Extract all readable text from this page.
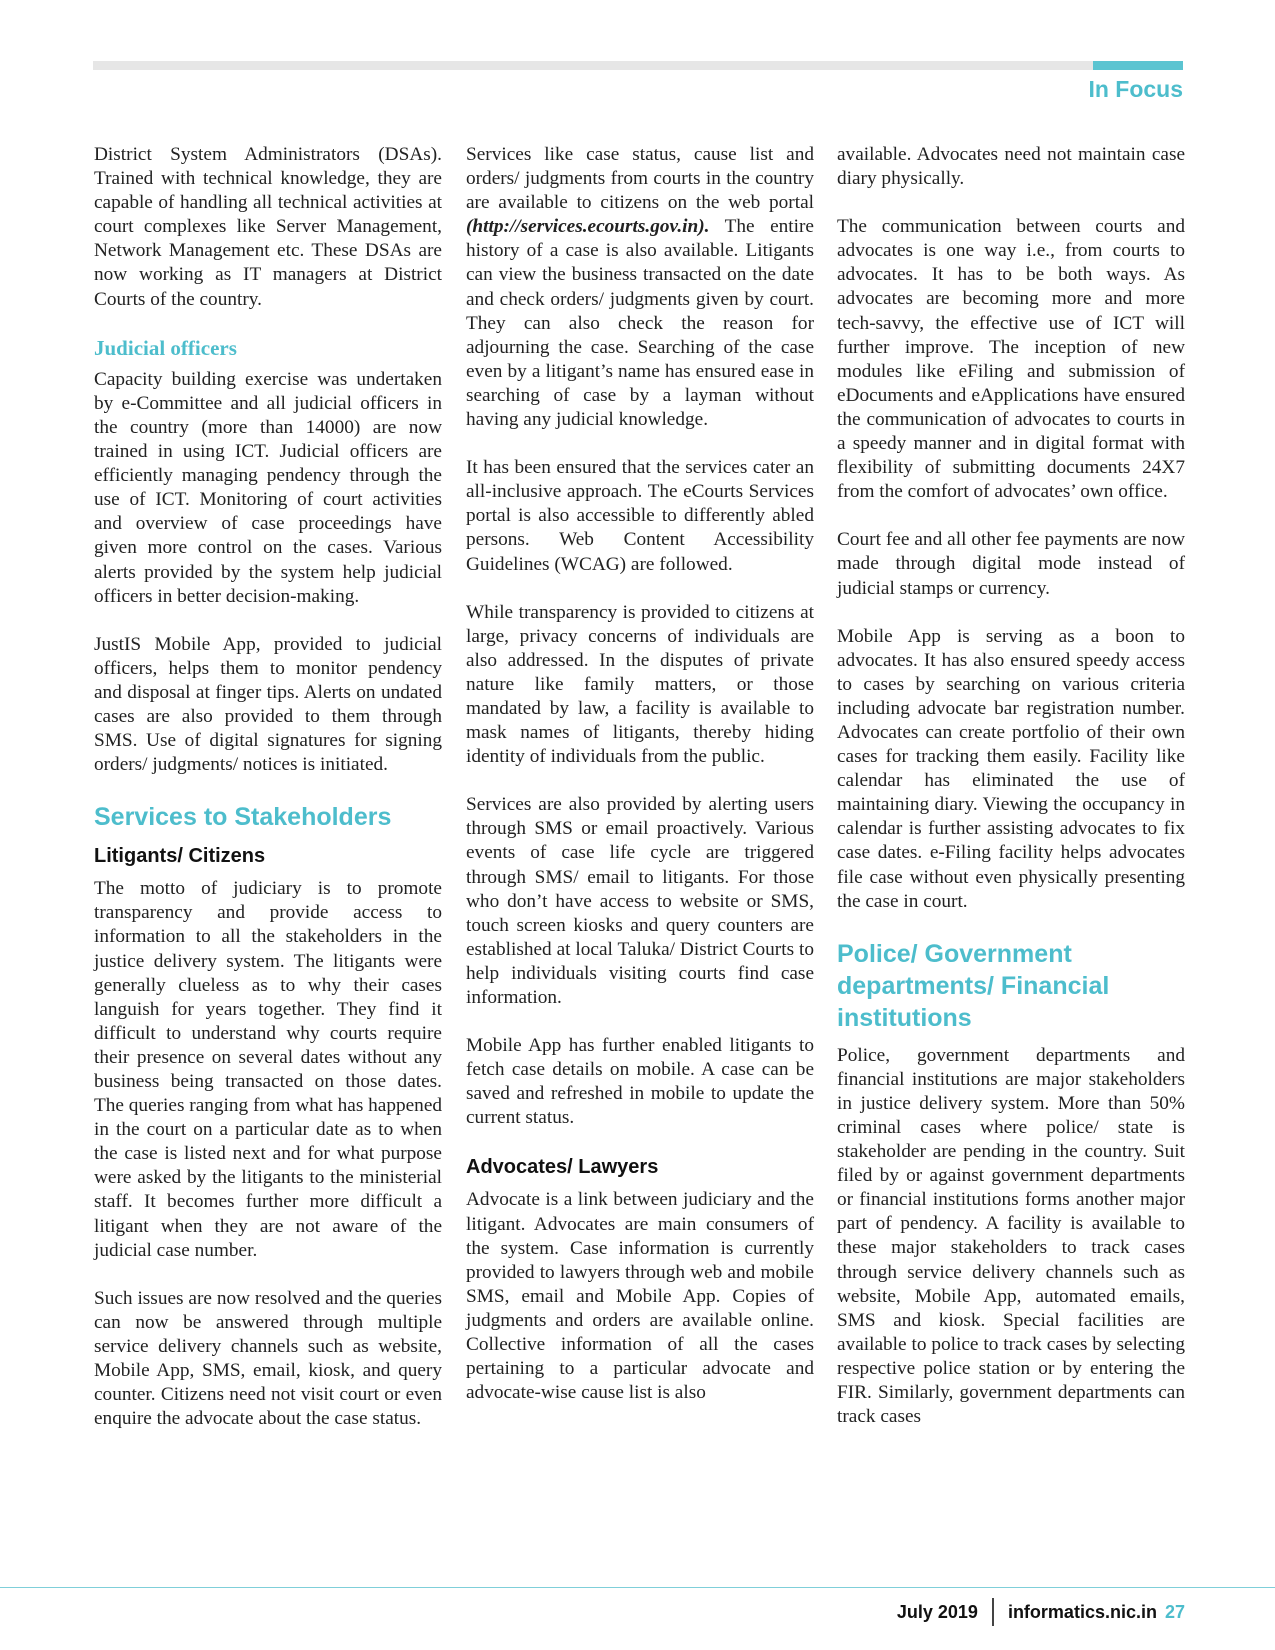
In Focus

District System Administrators (DSAs). Trained with technical knowledge, they are capable of handling all technical activities at court complexes like Server Management, Network Management etc. These DSAs are now working as IT managers at District Courts of the country.

Judicial officers

Capacity building exercise was undertaken by e-Committee and all judicial officers in the country (more than 14000) are now trained in using ICT. Judicial officers are efficiently managing pendency through the use of ICT. Monitoring of court activities and overview of case proceedings have given more control on the cases. Various alerts provided by the system help judicial officers in better decision-making.

JustIS Mobile App, provided to judicial officers, helps them to monitor pendency and disposal at finger tips. Alerts on undated cases are also provided to them through SMS. Use of digital signatures for signing orders/ judgments/ notices is initiated.

Services to Stakeholders
Litigants/ Citizens

The motto of judiciary is to promote transparency and provide access to information to all the stakeholders in the justice delivery system. The litigants were generally clueless as to why their cases languish for years together. They find it difficult to understand why courts require their presence on several dates without any business being transacted on those dates. The queries ranging from what has happened in the court on a particular date as to when the case is listed next and for what purpose were asked by the litigants to the ministerial staff. It becomes further more difficult a litigant when they are not aware of the judicial case number.

Such issues are now resolved and the queries can now be answered through multiple service delivery channels such as website, Mobile App, SMS, email, kiosk, and query counter. Citizens need not visit court or even enquire the advocate about the case status.

Services like case status, cause list and orders/ judgments from courts in the country are available to citizens on the web portal (http://services.ecourts.gov.in). The entire history of a case is also available. Litigants can view the business transacted on the date and check orders/ judgments given by court. They can also check the reason for adjourning the case. Searching of the case even by a litigant’s name has ensured ease in searching of case by a layman without having any judicial knowledge.

It has been ensured that the services cater an all-inclusive approach. The eCourts Services portal is also accessible to differently abled persons. Web Content Accessibility Guidelines (WCAG) are followed.

While transparency is provided to citizens at large, privacy concerns of individuals are also addressed. In the disputes of private nature like family matters, or those mandated by law, a facility is available to mask names of litigants, thereby hiding identity of individuals from the public.

Services are also provided by alerting users through SMS or email proactively. Various events of case life cycle are triggered through SMS/ email to litigants. For those who don’t have access to website or SMS, touch screen kiosks and query counters are established at local Taluka/ District Courts to help individuals visiting courts find case information.

Mobile App has further enabled litigants to fetch case details on mobile. A case can be saved and refreshed in mobile to update the current status.

Advocates/ Lawyers

Advocate is a link between judiciary and the litigant. Advocates are main consumers of the system. Case information is currently provided to lawyers through web and mobile SMS, email and Mobile App. Copies of judgments and orders are available online. Collective information of all the cases pertaining to a particular advocate and advocate-wise cause list is also

available. Advocates need not maintain case diary physically.

The communication between courts and advocates is one way i.e., from courts to advocates. It has to be both ways. As advocates are becoming more and more tech-savvy, the effective use of ICT will further improve. The inception of new modules like eFiling and submission of eDocuments and eApplications have ensured the communication of advocates to courts in a speedy manner and in digital format with flexibility of submitting documents 24X7 from the comfort of advocates’ own office.

Court fee and all other fee payments are now made through digital mode instead of judicial stamps or currency.

Mobile App is serving as a boon to advocates. It has also ensured speedy access to cases by searching on various criteria including advocate bar registration number. Advocates can create portfolio of their own cases for tracking them easily. Facility like calendar has eliminated the use of maintaining diary. Viewing the occupancy in calendar is further assisting advocates to fix case dates. e-Filing facility helps advocates file case without even physically presenting the case in court.

Police/ Government departments/ Financial institutions

Police, government departments and financial institutions are major stakeholders in justice delivery system. More than 50% criminal cases where police/ state is stakeholder are pending in the country. Suit filed by or against government departments or financial institutions forms another major part of pendency. A facility is available to these major stakeholders to track cases through service delivery channels such as website, Mobile App, automated emails, SMS and kiosk. Special facilities are available to police to track cases by selecting respective police station or by entering the FIR. Similarly, government departments can track cases

July 2019 informatics.nic.in 27
